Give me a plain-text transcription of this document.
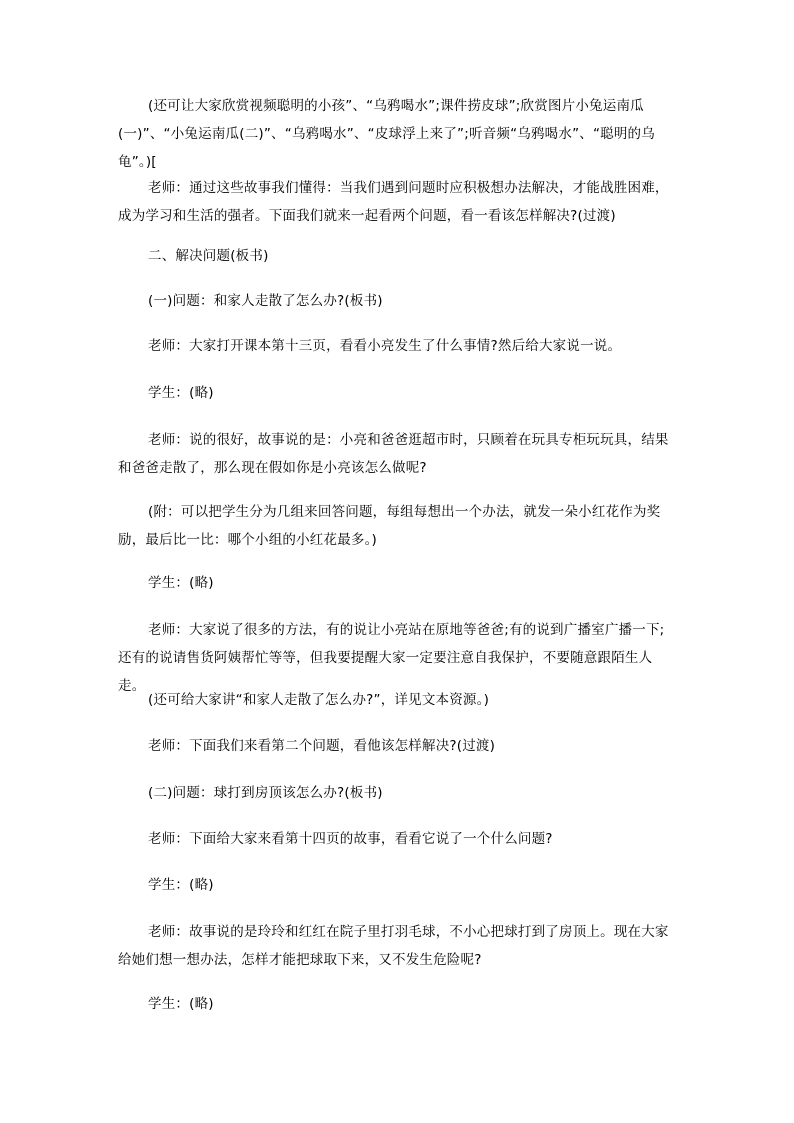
(还可让大家欣赏视频聪明的小孩”、“乌鸦喝水”;课件捞皮球”;欣赏图片小兔运南瓜(一)”、“小兔运南瓜(二)”、“乌鸦喝水”、“皮球浮上来了”;听音频“乌鸦喝水”、“聪明的乌龟”。)[

老师：通过这些故事我们懂得：当我们遇到问题时应积极想办法解决，才能战胜困难，成为学习和生活的强者。下面我们就来一起看两个问题，看一看该怎样解决?(过渡)

二、解决问题(板书)

(一)问题：和家人走散了怎么办?(板书)

老师：大家打开课本第十三页，看看小亮发生了什么事情?然后给大家说一说。

学生：(略)

老师：说的很好，故事说的是：小亮和爸爸逛超市时，只顾着在玩具专柜玩玩具，结果和爸爸走散了，那么现在假如你是小亮该怎么做呢?

(附：可以把学生分为几组来回答问题，每组每想出一个办法，就发一朵小红花作为奖励，最后比一比：哪个小组的小红花最多。)

学生：(略)

老师：大家说了很多的方法，有的说让小亮站在原地等爸爸;有的说到广播室广播一下;还有的说请售货阿姨帮忙等等，但我要提醒大家一定要注意自我保护，不要随意跟陌生人走。

(还可给大家讲“和家人走散了怎么办?”，详见文本资源。)

老师：下面我们来看第二个问题，看他该怎样解决?(过渡)

(二)问题：球打到房顶该怎么办?(板书)

老师：下面给大家来看第十四页的故事，看看它说了一个什么问题?

学生：(略)

老师：故事说的是玲玲和红红在院子里打羽毛球，不小心把球打到了房顶上。现在大家给她们想一想办法，怎样才能把球取下来，又不发生危险呢?

学生：(略)
